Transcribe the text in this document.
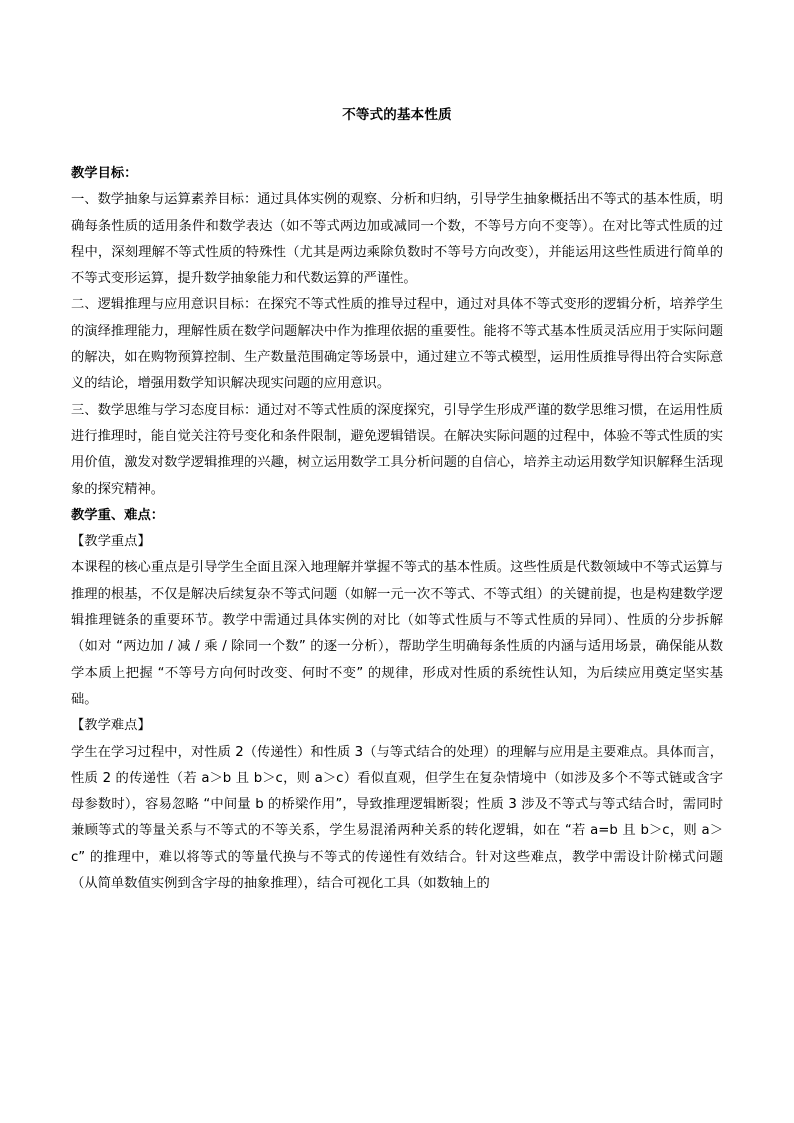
不等式的基本性质

教学目标：

一、数学抽象与运算素养目标：通过具体实例的观察、分析和归纳，引导学生抽象概括出不等式的基本性质，明确每条性质的适用条件和数学表达（如不等式两边加或减同一个数，不等号方向不变等）。在对比等式性质的过程中，深刻理解不等式性质的特殊性（尤其是两边乘除负数时不等号方向改变），并能运用这些性质进行简单的不等式变形运算，提升数学抽象能力和代数运算的严谨性。

二、逻辑推理与应用意识目标：在探究不等式性质的推导过程中，通过对具体不等式变形的逻辑分析，培养学生的演绎推理能力，理解性质在数学问题解决中作为推理依据的重要性。能将不等式基本性质灵活应用于实际问题的解决，如在购物预算控制、生产数量范围确定等场景中，通过建立不等式模型，运用性质推导得出符合实际意义的结论，增强用数学知识解决现实问题的应用意识。

三、数学思维与学习态度目标：通过对不等式性质的深度探究，引导学生形成严谨的数学思维习惯，在运用性质进行推理时，能自觉关注符号变化和条件限制，避免逻辑错误。在解决实际问题的过程中，体验不等式性质的实用价值，激发对数学逻辑推理的兴趣，树立运用数学工具分析问题的自信心，培养主动运用数学知识解释生活现象的探究精神。

教学重、难点：

【教学重点】

本课程的核心重点是引导学生全面且深入地理解并掌握不等式的基本性质。这些性质是代数领域中不等式运算与推理的根基，不仅是解决后续复杂不等式问题（如解一元一次不等式、不等式组）的关键前提，也是构建数学逻辑推理链条的重要环节。教学中需通过具体实例的对比（如等式性质与不等式性质的异同）、性质的分步拆解（如对 “两边加 / 减 / 乘 / 除同一个数” 的逐一分析），帮助学生明确每条性质的内涵与适用场景，确保能从数学本质上把握 “不等号方向何时改变、何时不变” 的规律，形成对性质的系统性认知，为后续应用奠定坚实基础。

【教学难点】

学生在学习过程中，对性质 2（传递性）和性质 3（与等式结合的处理）的理解与应用是主要难点。具体而言，性质 2 的传递性（若 a＞b 且 b＞c，则 a＞c）看似直观，但学生在复杂情境中（如涉及多个不等式链或含字母参数时），容易忽略 “中间量 b 的桥梁作用”，导致推理逻辑断裂；性质 3 涉及不等式与等式结合时，需同时兼顾等式的等量关系与不等式的不等关系，学生易混淆两种关系的转化逻辑，如在 “若 a=b 且 b＞c，则 a＞c” 的推理中，难以将等式的等量代换与不等式的传递性有效结合。针对这些难点，教学中需设计阶梯式问题（从简单数值实例到含字母的抽象推理），结合可视化工具（如数轴上的
